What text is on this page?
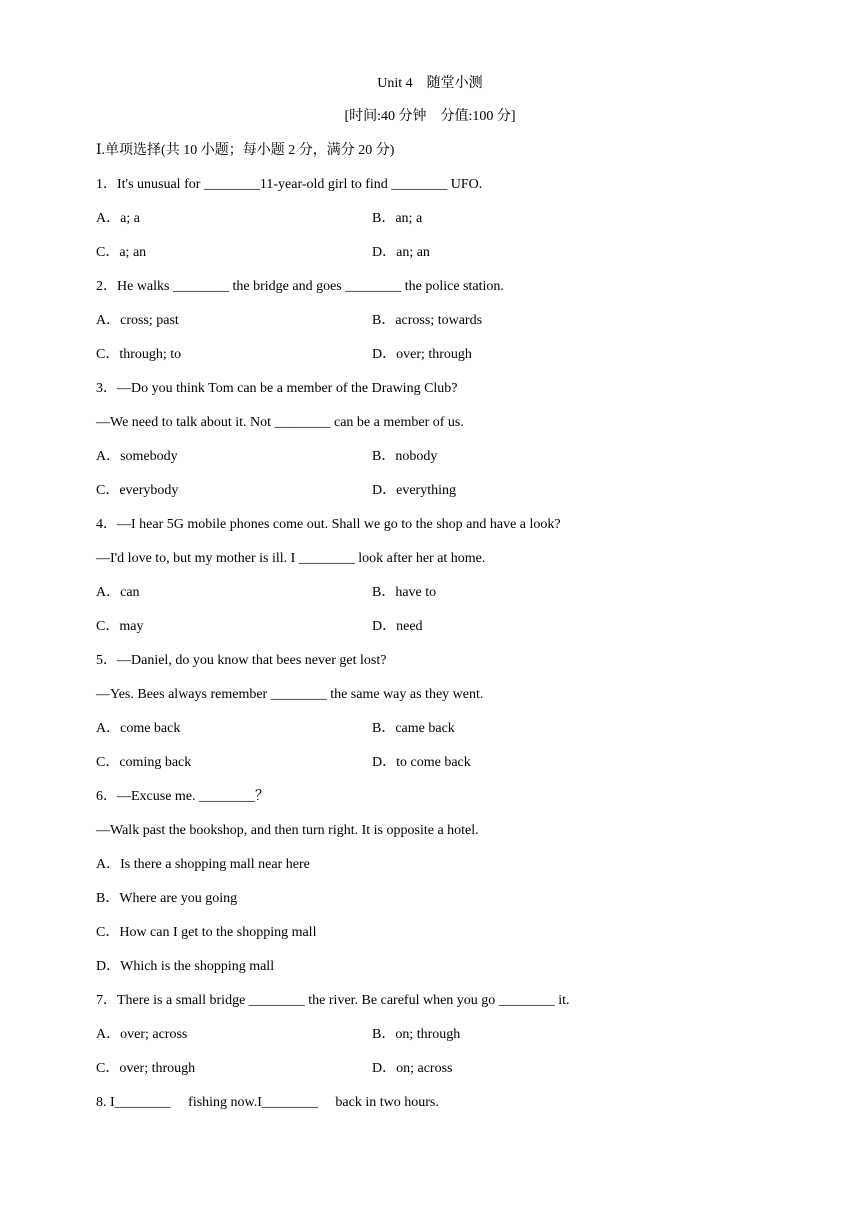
Unit 4　随堂小测
[时间:40 分钟　分值:100 分]
Ⅰ.单项选择(共 10 小题；每小题 2 分，满分 20 分)
1．It's unusual for ________11-year-old girl to find ________ UFO.
A．a; a	B．an; a
C．a; an	D．an; an
2．He walks ________ the bridge and goes ________ the police station.
A．cross; past	B．across; towards
C．through; to	D．over; through
3．—Do you think Tom can be a member of the Drawing Club?
—We need to talk about it. Not ________ can be a member of us.
A．somebody	B．nobody
C．everybody	D．everything
4．—I hear 5G mobile phones come out. Shall we go to the shop and have a look?
—I'd love to, but my mother is ill. I ________ look after her at home.
A．can	B．have to
C．may	D．need
5．—Daniel, do you know that bees never get lost?
—Yes. Bees always remember ________ the same way as they went.
A．come back	B．came back
C．coming back	D．to come back
6．—Excuse me. ________？
—Walk past the bookshop, and then turn right. It is opposite a hotel.
A．Is there a shopping mall near here
B．Where are you going
C．How can I get to the shopping mall
D．Which is the shopping mall
7．There is a small bridge ________ the river. Be careful when you go ________ it.
A．over; across	B．on; through
C．over; through	D．on; across
8. I________　 fishing now.I________　 back in two hours.
